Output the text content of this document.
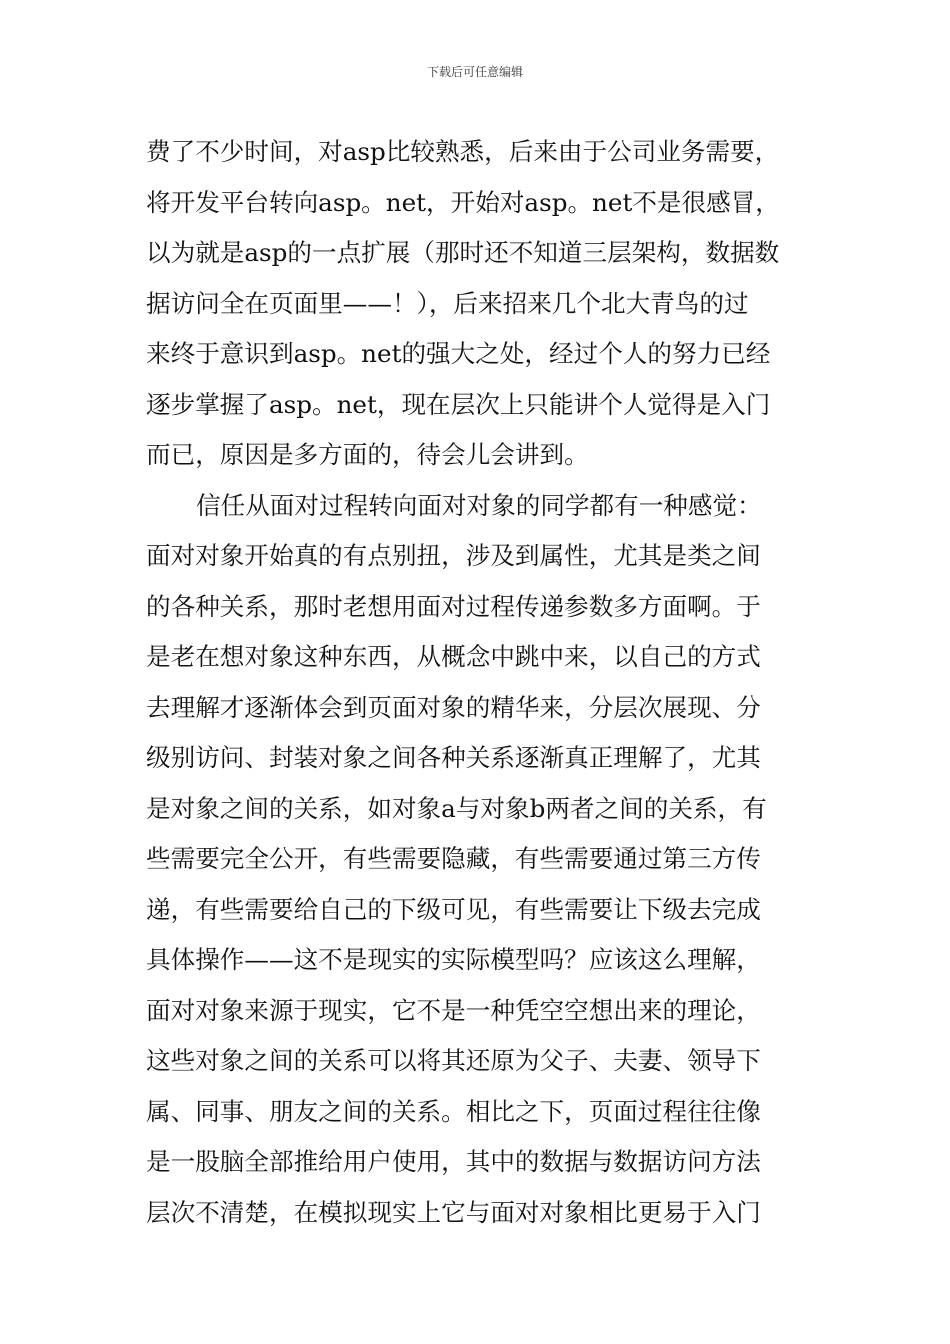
下载后可任意编辑
费了不少时间，对asp比较熟悉，后来由于公司业务需要，
将开发平台转向asp。net，开始对asp。net不是很感冒，
以为就是asp的一点扩展（那时还不知道三层架构，数据数
据访问全在页面里——！），后来招来几个北大青鸟的过
来终于意识到asp。net的强大之处，经过个人的努力已经
逐步掌握了asp。net，现在层次上只能讲个人觉得是入门
而已，原因是多方面的，待会儿会讲到。
信任从面对过程转向面对对象的同学都有一种感觉：
面对对象开始真的有点别扭，涉及到属性，尤其是类之间
的各种关系，那时老想用面对过程传递参数多方面啊。于
是老在想对象这种东西，从概念中跳中来，以自己的方式
去理解才逐渐体会到页面对象的精华来，分层次展现、分
级别访问、封装对象之间各种关系逐渐真正理解了，尤其
是对象之间的关系，如对象a与对象b两者之间的关系，有
些需要完全公开，有些需要隐藏，有些需要通过第三方传
递，有些需要给自己的下级可见，有些需要让下级去完成
具体操作——这不是现实的实际模型吗？应该这么理解，
面对对象来源于现实，它不是一种凭空空想出来的理论，
这些对象之间的关系可以将其还原为父子、夫妻、领导下
属、同事、朋友之间的关系。相比之下，页面过程往往像
是一股脑全部推给用户使用，其中的数据与数据访问方法
层次不清楚，在模拟现实上它与面对对象相比更易于入门
